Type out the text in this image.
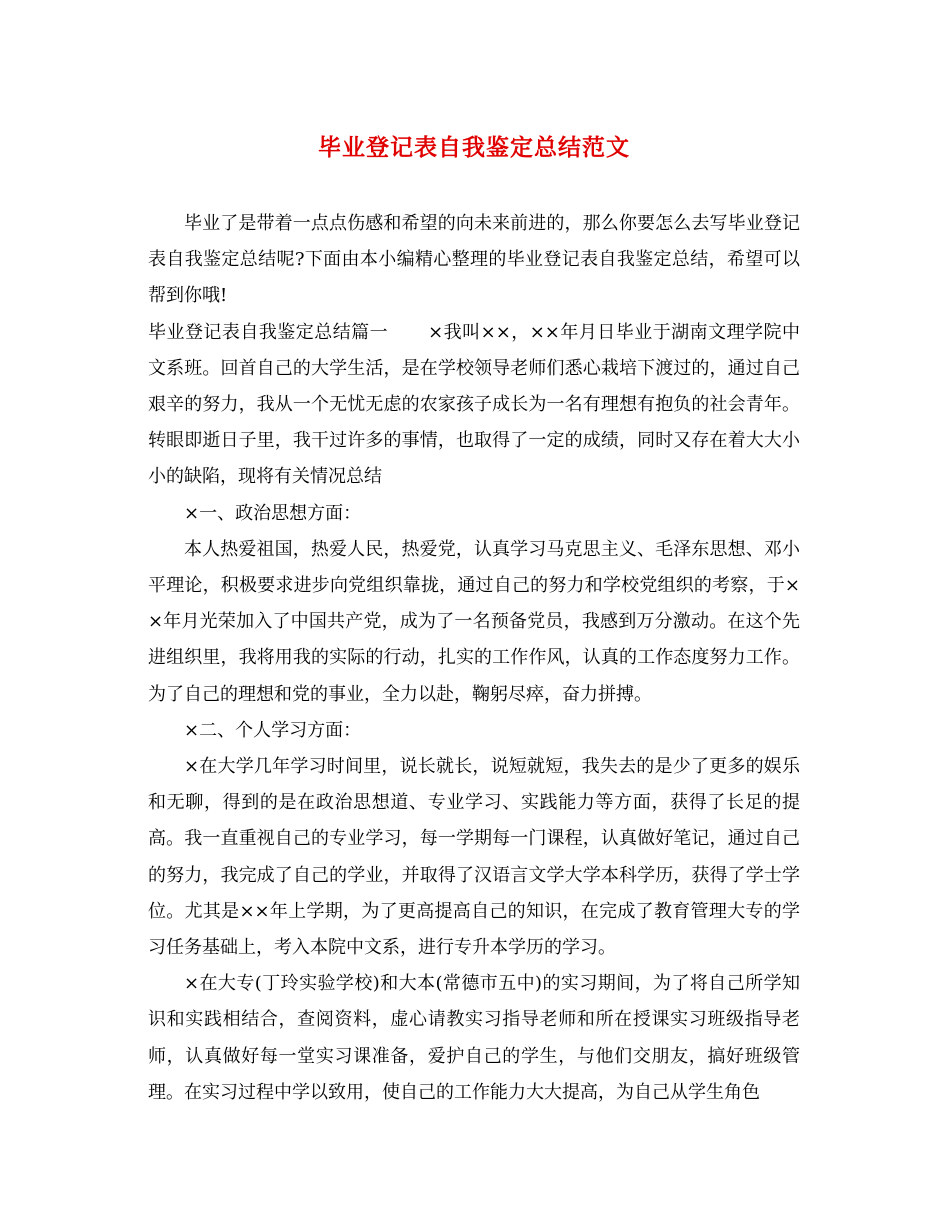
毕业登记表自我鉴定总结范文

毕业了是带着一点点伤感和希望的向未来前进的，那么你要怎么去写毕业登记表自我鉴定总结呢?下面由本小编精心整理的毕业登记表自我鉴定总结，希望可以帮到你哦!

毕业登记表自我鉴定总结篇一 ×我叫××，××年月日毕业于湖南文理学院中文系班。回首自己的大学生活，是在学校领导老师们悉心栽培下渡过的，通过自己艰辛的努力，我从一个无忧无虑的农家孩子成长为一名有理想有抱负的社会青年。转眼即逝日子里，我干过许多的事情，也取得了一定的成绩，同时又存在着大大小小的缺陷，现将有关情况总结

×一、政治思想方面：

本人热爱祖国，热爱人民，热爱党，认真学习马克思主义、毛泽东思想、邓小平理论，积极要求进步向党组织靠拢，通过自己的努力和学校党组织的考察，于××年月光荣加入了中国共产党，成为了一名预备党员，我感到万分激动。在这个先进组织里，我将用我的实际的行动，扎实的工作作风，认真的工作态度努力工作。为了自己的理想和党的事业，全力以赴，鞠躬尽瘁，奋力拼搏。

×二、个人学习方面：

×在大学几年学习时间里，说长就长，说短就短，我失去的是少了更多的娱乐和无聊，得到的是在政治思想道、专业学习、实践能力等方面，获得了长足的提高。我一直重视自己的专业学习，每一学期每一门课程，认真做好笔记，通过自己的努力，我完成了自己的学业，并取得了汉语言文学大学本科学历，获得了学士学位。尤其是××年上学期，为了更高提高自己的知识，在完成了教育管理大专的学习任务基础上，考入本院中文系，进行专升本学历的学习。

×在大专(丁玲实验学校)和大本(常德市五中)的实习期间，为了将自己所学知识和实践相结合，查阅资料，虚心请教实习指导老师和所在授课实习班级指导老师，认真做好每一堂实习课准备，爱护自己的学生，与他们交朋友，搞好班级管理。在实习过程中学以致用，使自己的工作能力大大提高，为自己从学生角色
